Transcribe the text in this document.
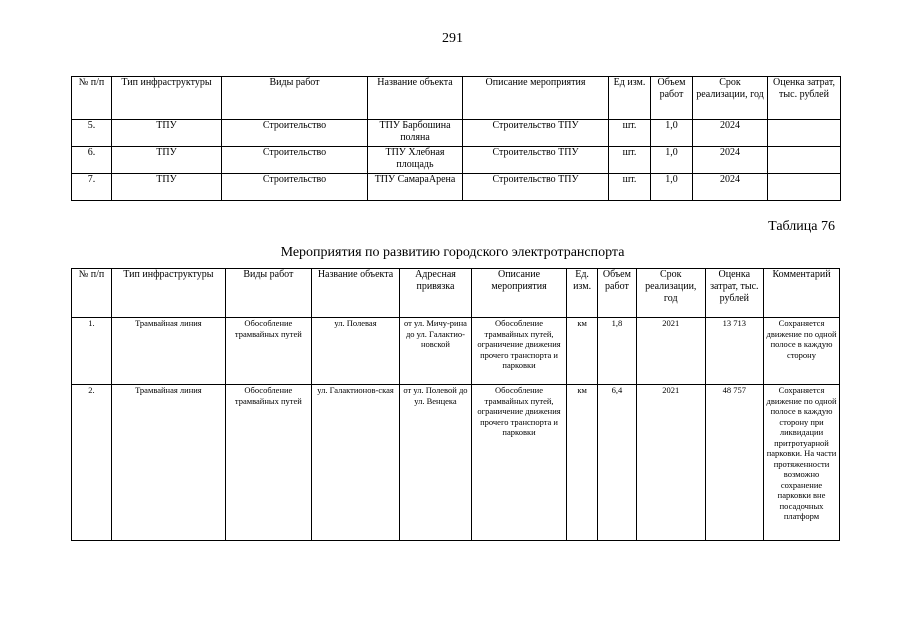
291
№ п/п	Тип инфраструктуры	Виды работ	Название объекта	Описание мероприятия	Ед изм.	Объем работ	Срок реализации, год	Оценка затрат, тыс. рублей
5.	ТПУ	Строительство	ТПУ Барбошина поляна	Строительство ТПУ	шт.	1,0	2024	
6.	ТПУ	Строительство	ТПУ Хлебная площадь	Строительство ТПУ	шт.	1,0	2024	
7.	ТПУ	Строительство	ТПУ СамараАрена	Строительство ТПУ	шт.	1,0	2024	
Таблица 76
Мероприятия по развитию городского электротранспорта
№ п/п	Тип инфраструктуры	Виды работ	Название объекта	Адресная привязка	Описание мероприятия	Ед. изм.	Объем работ	Срок реализации, год	Оценка затрат, тыс. рублей	Комментарий
1.	Трамвайная линия	Обособление трамвайных путей	ул. Полевая	от ул. Мичу-рина до ул. Галактио-новской	Обособление трамвайных путей, ограничение движения прочего транспорта и парковки	км	1,8	2021	13 713	Сохраняется движение по одной полосе в каждую сторону
2.	Трамвайная линия	Обособление трамвайных путей	ул. Галактионов-ская	от ул. Полевой до ул. Венцека	Обособление трамвайных путей, ограничение движения прочего транспорта и парковки	км	6,4	2021	48 757	Сохраняется движение по одной полосе в каждую сторону при ликвидации притротуарной парковки. На части протяженности возможно сохранение парковки вне посадочных платформ
